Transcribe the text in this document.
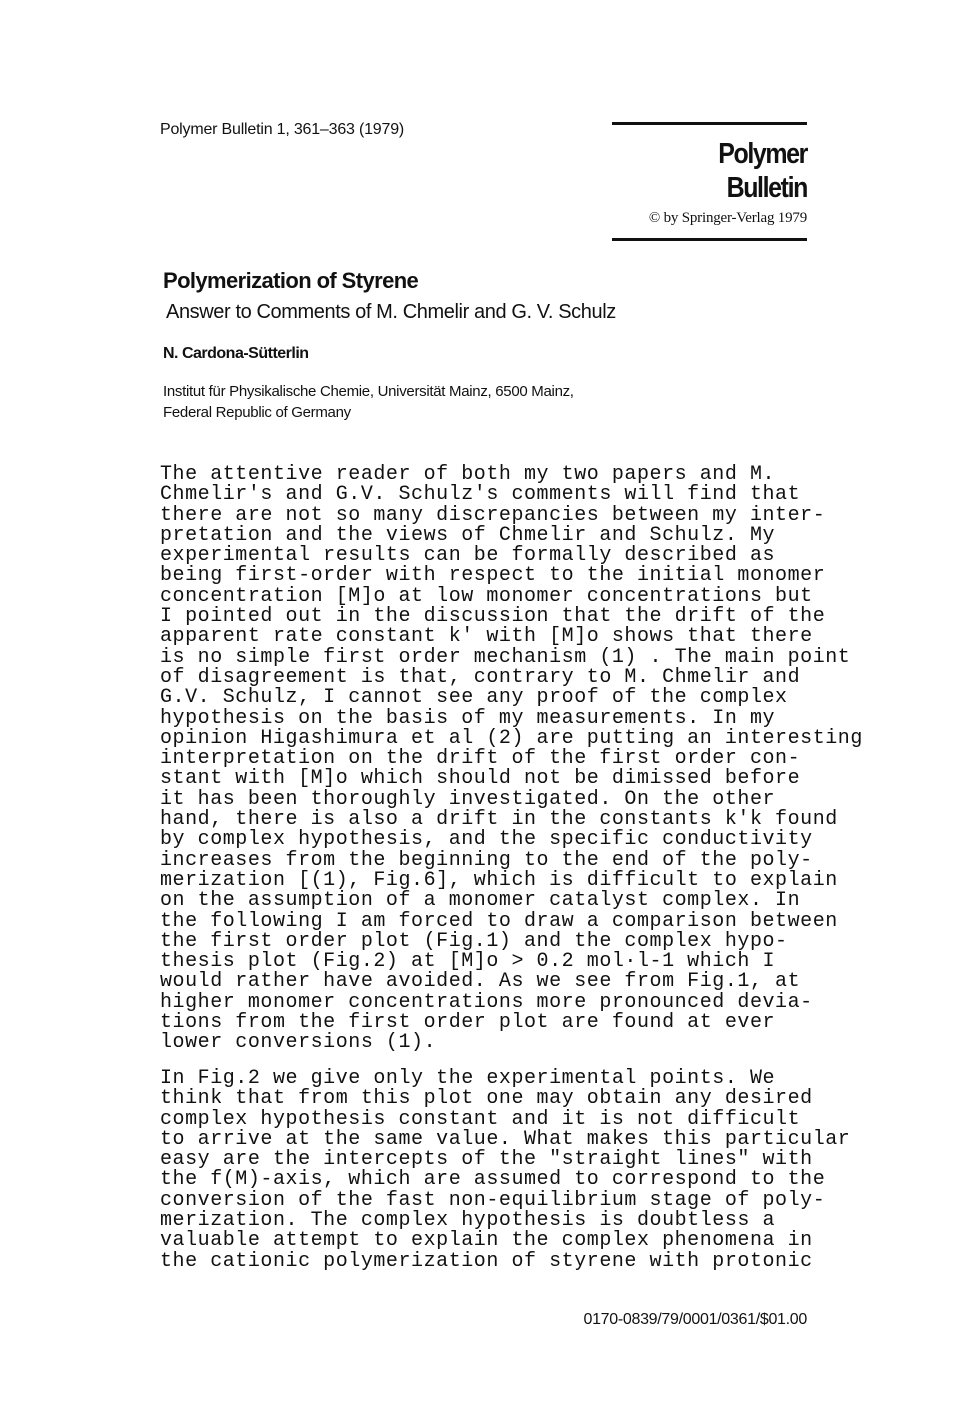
Polymer Bulletin 1, 361–363 (1979)
Polymer Bulletin
© by Springer-Verlag 1979
Polymerization of Styrene
Answer to Comments of M. Chmelir and G. V. Schulz
N. Cardona-Sütterlin
Institut für Physikalische Chemie, Universität Mainz, 6500 Mainz,
Federal Republic of Germany
The attentive reader of both my two papers and M.
Chmelir's and G.V. Schulz's comments will find that
there are not so many discrepancies between my inter-
pretation and the views of Chmelir and Schulz. My
experimental results can be formally described as
being first-order with respect to the initial monomer
concentration [M]o at low monomer concentrations but
I pointed out in the discussion that the drift of the
apparent rate constant k' with [M]o shows that there
is no simple first order mechanism (1) . The main point
of disagreement is that, contrary to M. Chmelir and
G.V. Schulz, I cannot see any proof of the complex
hypothesis on the basis of my measurements. In my
opinion Higashimura et al (2) are putting an interesting
interpretation on the drift of the first order con-
stant with [M]o which should not be dimissed before
it has been thoroughly investigated. On the other
hand, there is also a drift in the constants k'k found
by complex hypothesis, and the specific conductivity
increases from the beginning to the end of the poly-
merization [(1), Fig.6], which is difficult to explain
on the assumption of a monomer catalyst complex. In
the following I am forced to draw a comparison between
the first order plot (Fig.1) and the complex hypo-
thesis plot (Fig.2) at [M]o > 0.2 mol·l-1 which I
would rather have avoided. As we see from Fig.1, at
higher monomer concentrations more pronounced devia-
tions from the first order plot are found at ever
lower conversions (1).
In Fig.2 we give only the experimental points. We
think that from this plot one may obtain any desired
complex hypothesis constant and it is not difficult
to arrive at the same value. What makes this particular
easy are the intercepts of the "straight lines" with
the f(M)-axis, which are assumed to correspond to the
conversion of the fast non-equilibrium stage of poly-
merization. The complex hypothesis is doubtless a
valuable attempt to explain the complex phenomena in
the cationic polymerization of styrene with protonic
0170-0839/79/0001/0361/$01.00
